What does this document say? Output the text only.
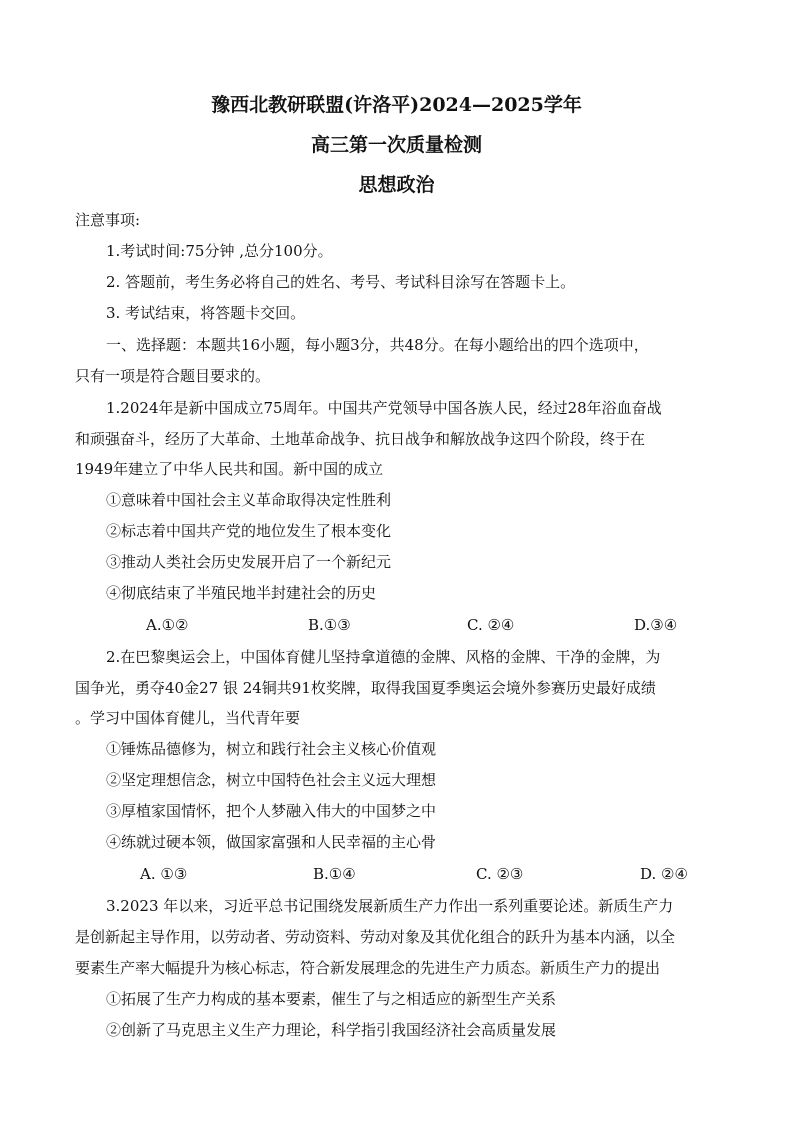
豫西北教研联盟(许洛平)2024—2025学年
高三第一次质量检测
思想政治
注意事项:
1.考试时间:75分钟 ,总分100分。
2. 答题前，考生务必将自己的姓名、考号、考试科目涂写在答题卡上。
3. 考试结束，将答题卡交回。
一、选择题：本题共16小题，每小题3分，共48分。在每小题给出的四个选项中，
只有一项是符合题目要求的。
1.2024年是新中国成立75周年。中国共产党领导中国各族人民，经过28年浴血奋战
和顽强奋斗，经历了大革命、土地革命战争、抗日战争和解放战争这四个阶段，终于在
1949年建立了中华人民共和国。新中国的成立
①意味着中国社会主义革命取得决定性胜利
②标志着中国共产党的地位发生了根本变化
③推动人类社会历史发展开启了一个新纪元
④彻底结束了半殖民地半封建社会的历史
A.①②	B.①③	C. ②④	D.③④
2.在巴黎奥运会上，中国体育健儿坚持拿道德的金牌、风格的金牌、干净的金牌，为
国争光，勇夺40金27 银 24铜共91枚奖牌，取得我国夏季奥运会境外参赛历史最好成绩
。学习中国体育健儿，当代青年要
①锤炼品德修为，树立和践行社会主义核心价值观
②坚定理想信念，树立中国特色社会主义远大理想
③厚植家国情怀，把个人梦融入伟大的中国梦之中
④练就过硬本领，做国家富强和人民幸福的主心骨
A. ①③	B.①④	C. ②③	D. ②④
3.2023 年以来，习近平总书记围绕发展新质生产力作出一系列重要论述。新质生产力
是创新起主导作用，以劳动者、劳动资料、劳动对象及其优化组合的跃升为基本内涵，以全
要素生产率大幅提升为核心标志，符合新发展理念的先进生产力质态。新质生产力的提出
①拓展了生产力构成的基本要素，催生了与之相适应的新型生产关系
②创新了马克思主义生产力理论，科学指引我国经济社会高质量发展
